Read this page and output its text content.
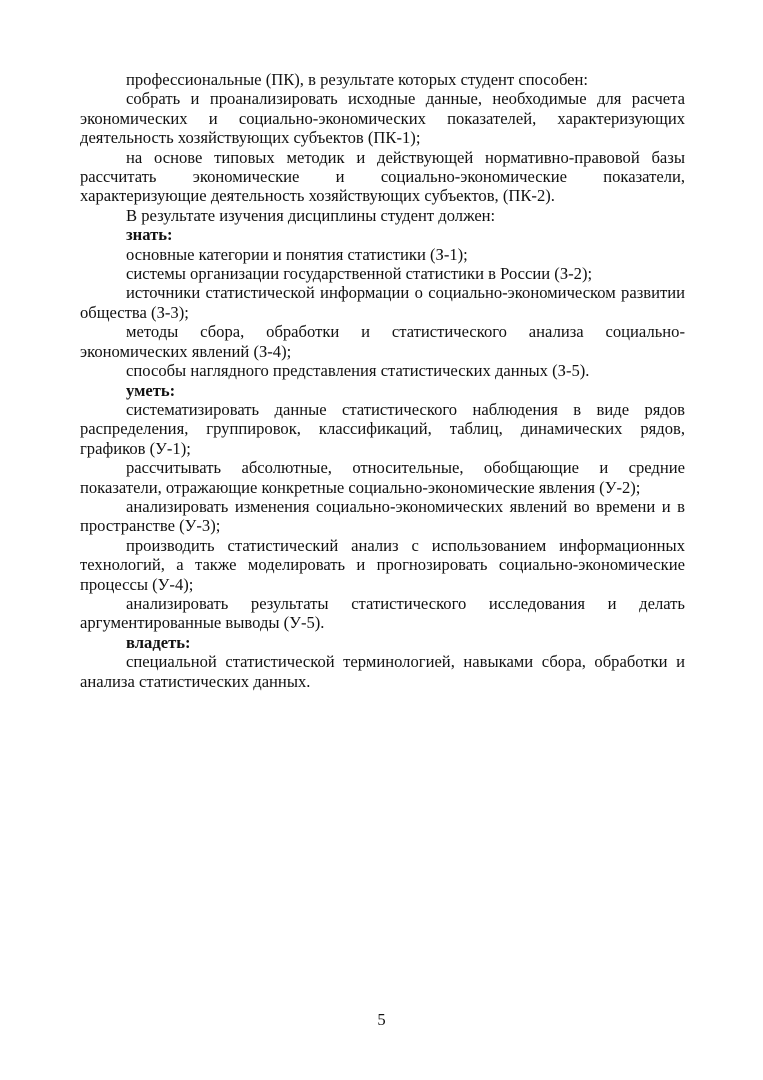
профессиональные (ПК), в результате которых студент способен:

собрать и проанализировать исходные данные, необходимые для расчета экономических и социально-экономических показателей, характеризующих деятельность хозяйствующих субъектов (ПК-1);

на основе типовых методик и действующей нормативно-правовой базы рассчитать экономические и социально-экономические показатели, характеризующие деятельность хозяйствующих субъектов, (ПК-2).

В результате изучения дисциплины студент должен:

знать:

основные категории и понятия статистики (З-1);

системы организации государственной статистики в России (З-2);

источники статистической информации о социально-экономическом развитии общества (З-3);

методы сбора, обработки и статистического анализа социально-экономических явлений (З-4);

способы наглядного представления статистических данных (З-5).

уметь:

систематизировать данные статистического наблюдения в виде рядов распределения, группировок, классификаций, таблиц, динамических рядов, графиков (У-1);

рассчитывать абсолютные, относительные, обобщающие и средние показатели, отражающие конкретные социально-экономические явления (У-2);

анализировать изменения социально-экономических явлений во времени и в пространстве (У-3);

производить статистический анализ с использованием информационных технологий, а также моделировать и прогнозировать социально-экономические процессы (У-4);

анализировать результаты статистического исследования и делать аргументированные выводы (У-5).

владеть:

специальной статистической терминологией, навыками сбора, обработки и анализа статистических данных.

5
